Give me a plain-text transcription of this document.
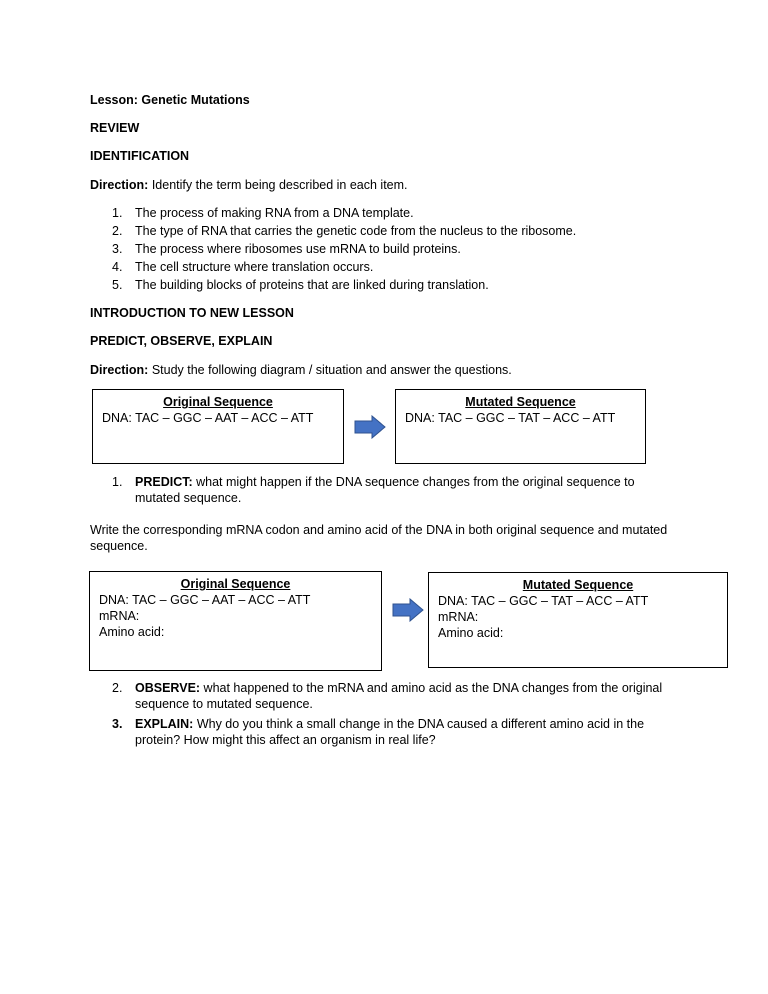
Lesson: Genetic Mutations
REVIEW
IDENTIFICATION
Direction: Identify the term being described in each item.
1. The process of making RNA from a DNA template.
2. The type of RNA that carries the genetic code from the nucleus to the ribosome.
3. The process where ribosomes use mRNA to build proteins.
4. The cell structure where translation occurs.
5. The building blocks of proteins that are linked during translation.
INTRODUCTION TO NEW LESSON
PREDICT, OBSERVE, EXPLAIN
Direction: Study the following diagram / situation and answer the questions.
Original Sequence
DNA: TAC – GGC – AAT – ACC – ATT
Mutated Sequence
DNA: TAC – GGC – TAT – ACC – ATT
1. PREDICT: what might happen if the DNA sequence changes from the original sequence to mutated sequence.
Write the corresponding mRNA codon and amino acid of the DNA in both original sequence and mutated sequence.
Original Sequence
DNA: TAC – GGC – AAT – ACC – ATT
mRNA:
Amino acid:
Mutated Sequence
DNA: TAC – GGC – TAT – ACC – ATT
mRNA:
Amino acid:
2. OBSERVE: what happened to the mRNA and amino acid as the DNA changes from the original sequence to mutated sequence.
3. EXPLAIN: Why do you think a small change in the DNA caused a different amino acid in the protein? How might this affect an organism in real life?
